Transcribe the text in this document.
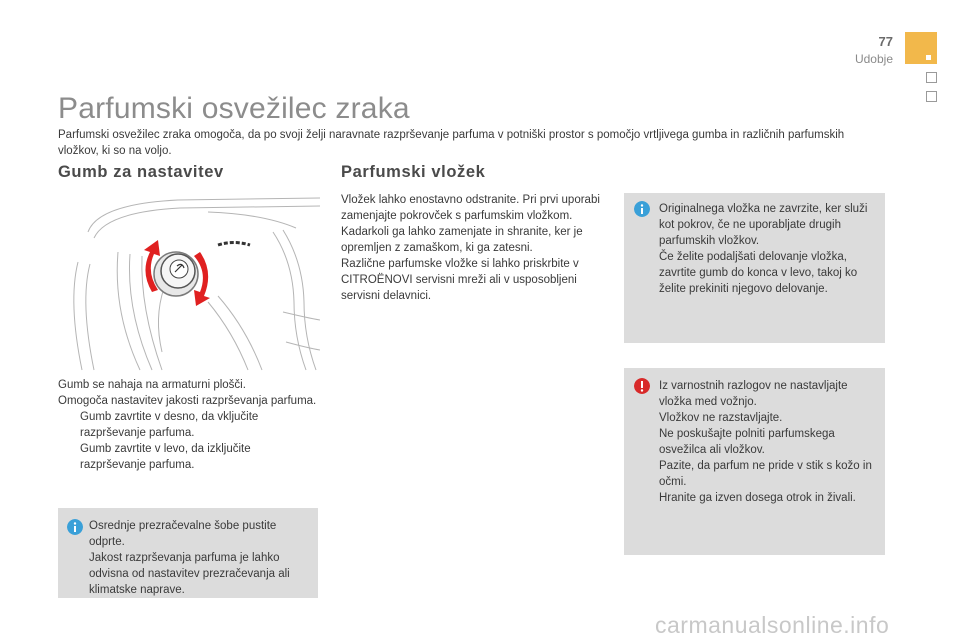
77
Udobje
Parfumski osvežilec zraka
Parfumski osvežilec zraka omogoča, da po svoji želji naravnate razprševanje parfuma v potniški prostor s pomočjo vrtljivega gumba in različnih parfumskih vložkov, ki so na voljo.
Gumb za nastavitev	Parfumski vložek
Gumb se nahaja na armaturni plošči.
Omogoča nastavitev jakosti razprševanja parfuma.
Gumb zavrtite v desno, da vključite razprševanje parfuma.
Gumb zavrtite v levo, da izključite razprševanje parfuma.
Osrednje prezračevalne šobe pustite odprte.
Jakost razprševanja parfuma je lahko odvisna od nastavitev prezračevanja ali klimatske naprave.
Vložek lahko enostavno odstranite. Pri prvi uporabi zamenjajte pokrovček s parfumskim vložkom.
Kadarkoli ga lahko zamenjate in shranite, ker je opremljen z zamaškom, ki ga zatesni.
Različne parfumske vložke si lahko priskrbite v CITROËNOVI servisni mreži ali v usposobljeni servisni delavnici.
Originalnega vložka ne zavrzite, ker služi kot pokrov, če ne uporabljate drugih parfumskih vložkov.
Če želite podaljšati delovanje vložka, zavrtite gumb do konca v levo, takoj ko želite prekiniti njegovo delovanje.
Iz varnostnih razlogov ne nastavljajte vložka med vožnjo.
Vložkov ne razstavljajte.
Ne poskušajte polniti parfumskega osvežilca ali vložkov.
Pazite, da parfum ne pride v stik s kožo in očmi.
Hranite ga izven dosega otrok in živali.
carmanualsonline.info
